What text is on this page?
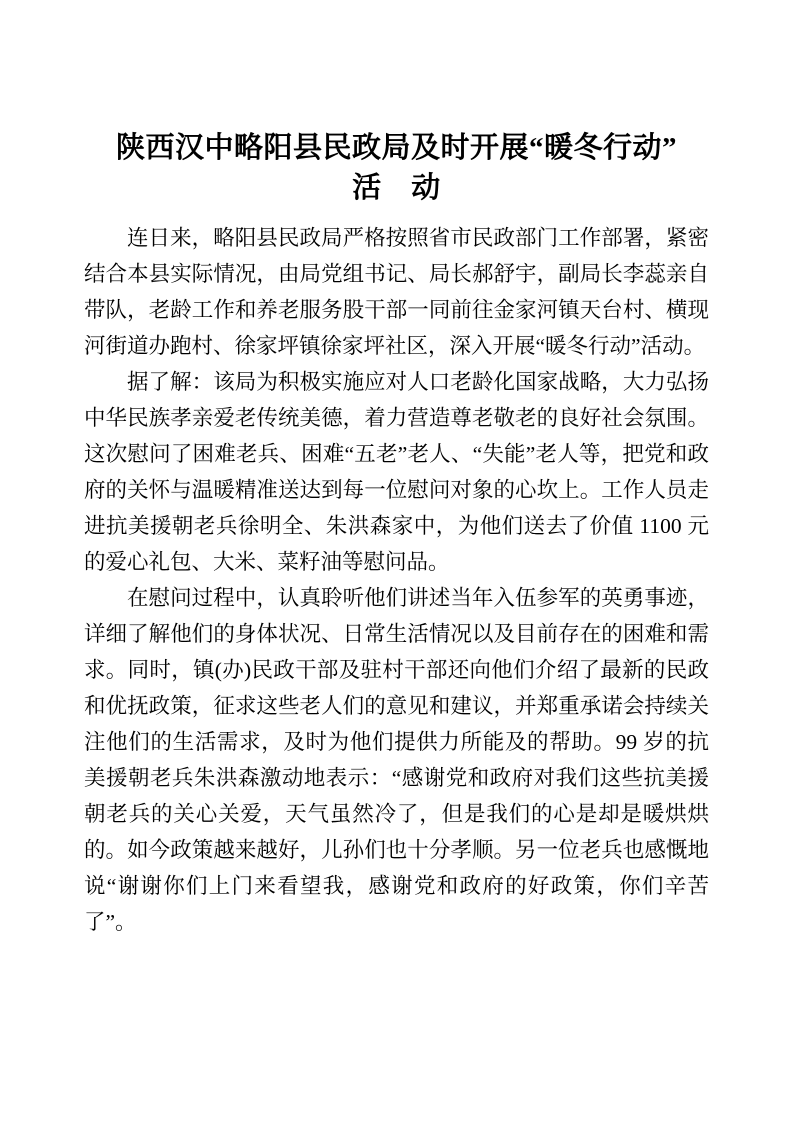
陕西汉中略阳县民政局及时开展“暖冬行动”
活　动

连日来，略阳县民政局严格按照省市民政部门工作部署，紧密结合本县实际情况，由局党组书记、局长郝舒宇，副局长李蕊亲自带队，老龄工作和养老服务股干部一同前往金家河镇天台村、横现河街道办跑村、徐家坪镇徐家坪社区，深入开展“暖冬行动”活动。

据了解：该局为积极实施应对人口老龄化国家战略，大力弘扬中华民族孝亲爱老传统美德，着力营造尊老敬老的良好社会氛围。这次慰问了困难老兵、困难“五老”老人、“失能”老人等，把党和政府的关怀与温暖精准送达到每一位慰问对象的心坎上。工作人员走进抗美援朝老兵徐明全、朱洪森家中，为他们送去了价值 1100 元的爱心礼包、大米、菜籽油等慰问品。

在慰问过程中，认真聆听他们讲述当年入伍参军的英勇事迹，详细了解他们的身体状况、日常生活情况以及目前存在的困难和需求。同时，镇(办)民政干部及驻村干部还向他们介绍了最新的民政和优抚政策，征求这些老人们的意见和建议，并郑重承诺会持续关注他们的生活需求，及时为他们提供力所能及的帮助。99 岁的抗美援朝老兵朱洪森激动地表示：“感谢党和政府对我们这些抗美援朝老兵的关心关爱，天气虽然冷了，但是我们的心是却是暖烘烘的。如今政策越来越好，儿孙们也十分孝顺。另一位老兵也感慨地说“谢谢你们上门来看望我，感谢党和政府的好政策，你们辛苦了”。
